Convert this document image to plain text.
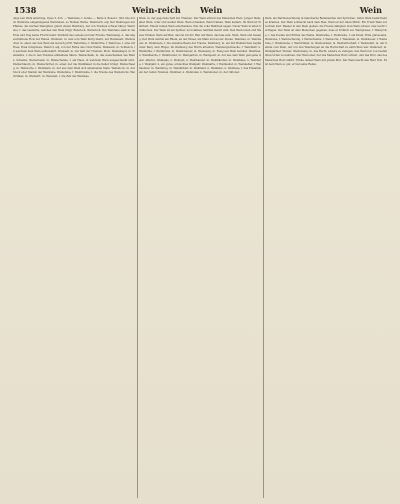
1538	Wein-reich Wein	Wein

unge ben Wein aufwürge, Opus 3, 225. — Weinrebe, f. bonde. — Beim 4. Rosen I. 364. Die durch Weinrebe eingefangenen Weinreben, so Wolken Weibe. Weinreich. adj. Der Weinregen der Pflanze, die reichen Weingüter, gleich einem Weinberg, der von Trauben schwer hängt. Weinrebe, f. das Gewächs, welches den Wein trägt; Rebstock, Weinstock. Die Weinrebe sank in die Erde und trug keine Frucht mehr. Sinnbild des Lebens und der Freude. Weinreisig, n. das abgeschnittene Holz der Reben. Weinrest, m. was vom Wein übrig bleibt, der Bodensatz. Weinriecher, m. einer, der den Wein am Geruch prüft. Weinrinne, f. Weinröhre, f. Weinrose, f. eine Art Rose, Rosa rubiginosa. Weinrot, adj. von der Farbe des roten Weins. Weinsack, m. Schlauch, in welchem man Wein aufbewahrt. Weinsaft, m. der Saft der Trauben, Most. Weinsänger, m. Weinsäure, f. die in den Trauben enthaltene Säure. Weinschank, m. das Ausschenken des Weins, Schenke. Weinschenk, m. Weinschenke, f. ein Haus, in welchem Wein ausgeschenkt wird. Weinschlauch, m. Weinschröter, m. einer, der die Weinfässer in die Keller bringt. Weinschwelg, m. Weinsorte, f. Weinstein, m. der aus dem Wein sich absetzende Stein. Weinstock, m. der Stock oder Stamm der Weinrebe. Weinstube, f. Weintraube, f. die Traube des Weinstocks. Weintrinker, m. Weinwirt, m. Weinzeit, f. die Zeit der Weinlese.

Wein, m. der gegorene Saft der Trauben. Der Wein erfreut des Menschen Herz. Junger Wein, alter Wein, roter und weißer Wein. Wein schenken, Wein trinken, Wein keltern. Im Wein ist Wahrheit. Einem reinen Wein einschenken, ihm die volle Wahrheit sagen. Neuer Wein in alten Schläuchen. Der Wein ist ein Spötter, und starkes Getränk macht wild. Den Wein loben und Wasser trinken. Wein auf Bier, das rat ich dir; Bier auf Wein, das lass sein. Wein, Weib und Gesang. Der Wein wächst am Rhein, an der Mosel, am Main und an der Donau. Weinbau, m. Weinbauer, m. Weinbeere, f. die einzelne Beere der Traube. Weinberg, m. ein mit Weinstöcken bepflanzter Berg oder Hügel. Im Weinberg des Herrn arbeiten. Weinbergschnecke, f. Weinblatt, n. Weinblüte, f. Weinbrand, m. Weinbrenner, m. Weinessig, m. Essig aus Wein bereitet. Weinfass, n. Weinflasche, f. Weinfreund, m. Weingarten, m. Weingeist, m. der aus dem Wein gezogene Geist, Alkohol. Weinglas, n. Weingut, n. Weinhandel, m. Weinhändler, m. Weinhaus, n. Weinhefe, f. Weinjahr, n. ein gutes, schlechtes Weinjahr. Weinkarte, f. Weinkeller, m. Weinkelter, f. Weinkenner, m. Weinkrug, m. Weinkühler, m. Weinland, n. Weinlaub, n. Weinlese, f. das Einsammeln der reifen Trauben. Weinlied, n. Weinlokal, n. Weinmonat, m. der Oktober.

Wein, als Wertbezeichnung in mancherlei Redensarten und Sprüchen. Guter Wein bedarf keines Kranzes. Der Wein schmeckt nach dem Fass. Wein ist der Alten Milch. Ein Trunk Wein zur rechten Zeit. Wasser in den Wein gießen, die Freude dämpfen. Den Wein schwer oder leicht vertragen. Der Wein ist dem Menschen gegeben, dass er fröhlich sei. Weinpresse, f. Weinprobe, f. das Kosten und Prüfen des Weins. Weinranke, f. Weinraute, f. ein Kraut, Ruta graveolens. Weinrebe, f. Weinrechnung, f. Weinschenke, f. Weinsorte, f. Weinstein, m. Weinsteuer, f. Weinstube, f. Weintraube, f. Weintrinker, m. Weinverkauf, m. Weinwirtschaft, f. Weinzehnt, m. der Zehnte vom Wein, der von den Weinbergen an die Herrschaft zu entrichten war. Weinzierl, m. Weingärtner, Winzer. Weinzwang, m. das Recht, andere zu zwingen, den Wein nur von bestimmten Orten zu nehmen. Der Wein aber, der des Menschen Herz erfreut, und das Brot, das des Menschen Herz stärkt. Trinke deinen Wein mit gutem Mut. Der Wein macht das Herz froh. Es ist kein Wein so gut, er hat seine Hefen.
